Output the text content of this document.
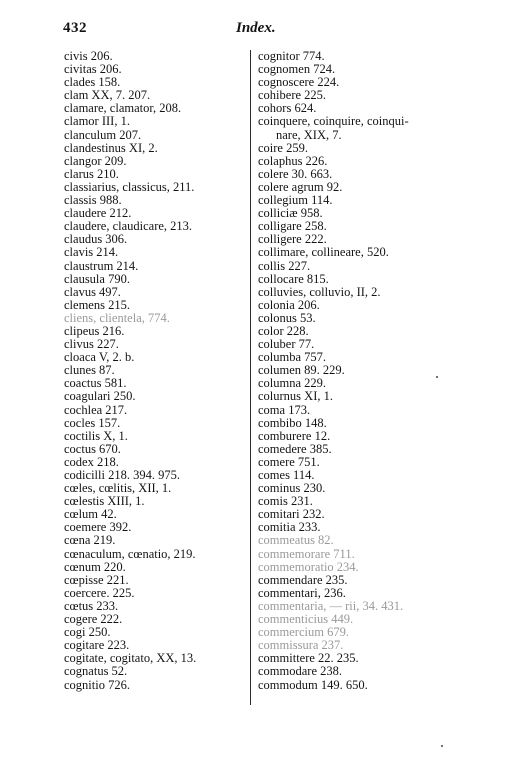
432	Index.
civis 206.
civitas 206.
clades 158.
clam XX, 7. 207.
clamare, clamator, 208.
clamor III, 1.
clanculum 207.
clandestinus XI, 2.
clangor 209.
clarus 210.
classiarius, classicus, 211.
classis 988.
claudere 212.
claudere, claudicare, 213.
claudus 306.
clavis 214.
claustrum 214.
clausula 790.
clavus 497.
clemens 215.
cliens, clientela, 774.
clipeus 216.
clivus 227.
cloaca V, 2. b.
clunes 87.
coactus 581.
coagulari 250.
cochlea 217.
cocles 157.
coctilis X, 1.
coctus 670.
codex 218.
codicilli 218. 394. 975.
cœles, cœlitis, XII, 1.
cœlestis XIII, 1.
cœlum 42.
coemere 392.
cœna 219.
cœnaculum, cœnatio, 219.
cœnum 220.
cœpisse 221.
coercere. 225.
cœtus 233.
cogere 222.
cogi 250.
cogitare 223.
cogitate, cogitato, XX, 13.
cognatus 52.
cognitio 726.
cognitor 774.
cognomen 724.
cognoscere 224.
cohibere 225.
cohors 624.
coinquere, coinquire, coinqui-
nare, XIX, 7.
coire 259.
colaphus 226.
colere 30. 663.
colere agrum 92.
collegium 114.
colliciæ 958.
colligare 258.
colligere 222.
collimare, collineare, 520.
collis 227.
collocare 815.
colluvies, colluvio, II, 2.
colonia 206.
colonus 53.
color 228.
coluber 77.
columba 757.
columen 89. 229.
columna 229.
colurnus XI, 1.
coma 173.
combibo 148.
comburere 12.
comedere 385.
comere 751.
comes 114.
cominus 230.
comis 231.
comitari 232.
comitia 233.
commeatus 82.
commemorare 711.
commemoratio 234.
commendare 235.
commentari, 236.
commentaria, — rii, 34. 431.
commenticius 449.
commercium 679.
commissura 237.
committere 22. 235.
commodare 238.
commodum 149. 650.
